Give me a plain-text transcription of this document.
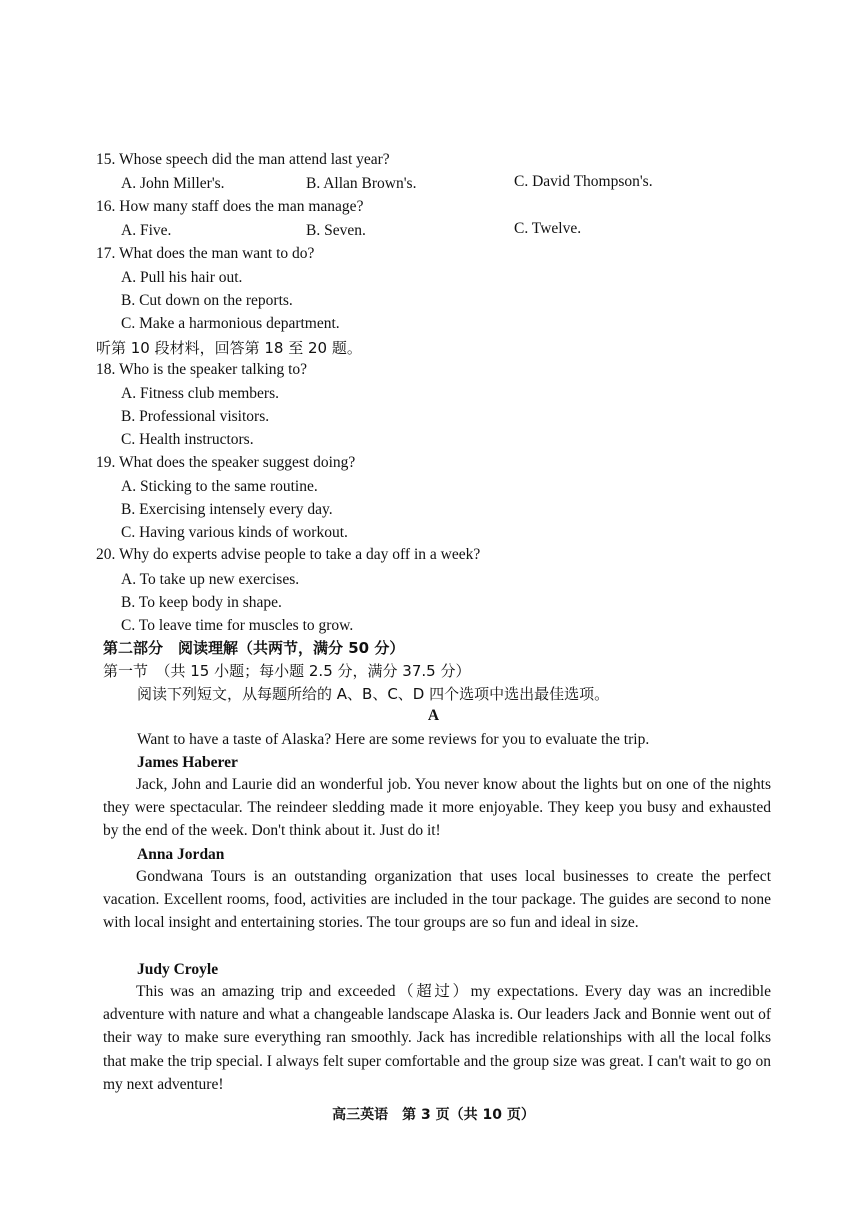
15. Whose speech did the man attend last year?
A. John Miller's.	B. Allan Brown's.	C. David Thompson's.
16. How many staff does the man manage?
A. Five.	B. Seven.	C. Twelve.
17. What does the man want to do?
A. Pull his hair out.
B. Cut down on the reports.
C. Make a harmonious department.
听第 10 段材料，回答第 18 至 20 题。
18. Who is the speaker talking to?
A. Fitness club members.
B. Professional visitors.
C. Health instructors.
19. What does the speaker suggest doing?
A. Sticking to the same routine.
B. Exercising intensely every day.
C. Having various kinds of workout.
20. Why do experts advise people to take a day off in a week?
A. To take up new exercises.
B. To keep body in shape.
C. To leave time for muscles to grow.
第二部分　阅读理解（共两节，满分 50 分）
第一节　（共 15 小题；每小题 2.5 分，满分 37.5 分）
阅读下列短文，从每题所给的 A、B、C、D 四个选项中选出最佳选项。
A
Want to have a taste of Alaska? Here are some reviews for you to evaluate the trip.
James Haberer
Jack, John and Laurie did an wonderful job. You never know about the lights but on one of the nights they were spectacular. The reindeer sledding made it more enjoyable. They keep you busy and exhausted by the end of the week. Don't think about it. Just do it!
Anna Jordan
Gondwana Tours is an outstanding organization that uses local businesses to create the perfect vacation. Excellent rooms, food, activities are included in the tour package. The guides are second to none with local insight and entertaining stories. The tour groups are so fun and ideal in size.
Judy Croyle
This was an amazing trip and exceeded（超过）my expectations. Every day was an incredible adventure with nature and what a changeable landscape Alaska is. Our leaders Jack and Bonnie went out of their way to make sure everything ran smoothly. Jack has incredible relationships with all the local folks that make the trip special. I always felt super comfortable and the group size was great. I can't wait to go on my next adventure!
高三英语　第 3 页（共 10 页）
